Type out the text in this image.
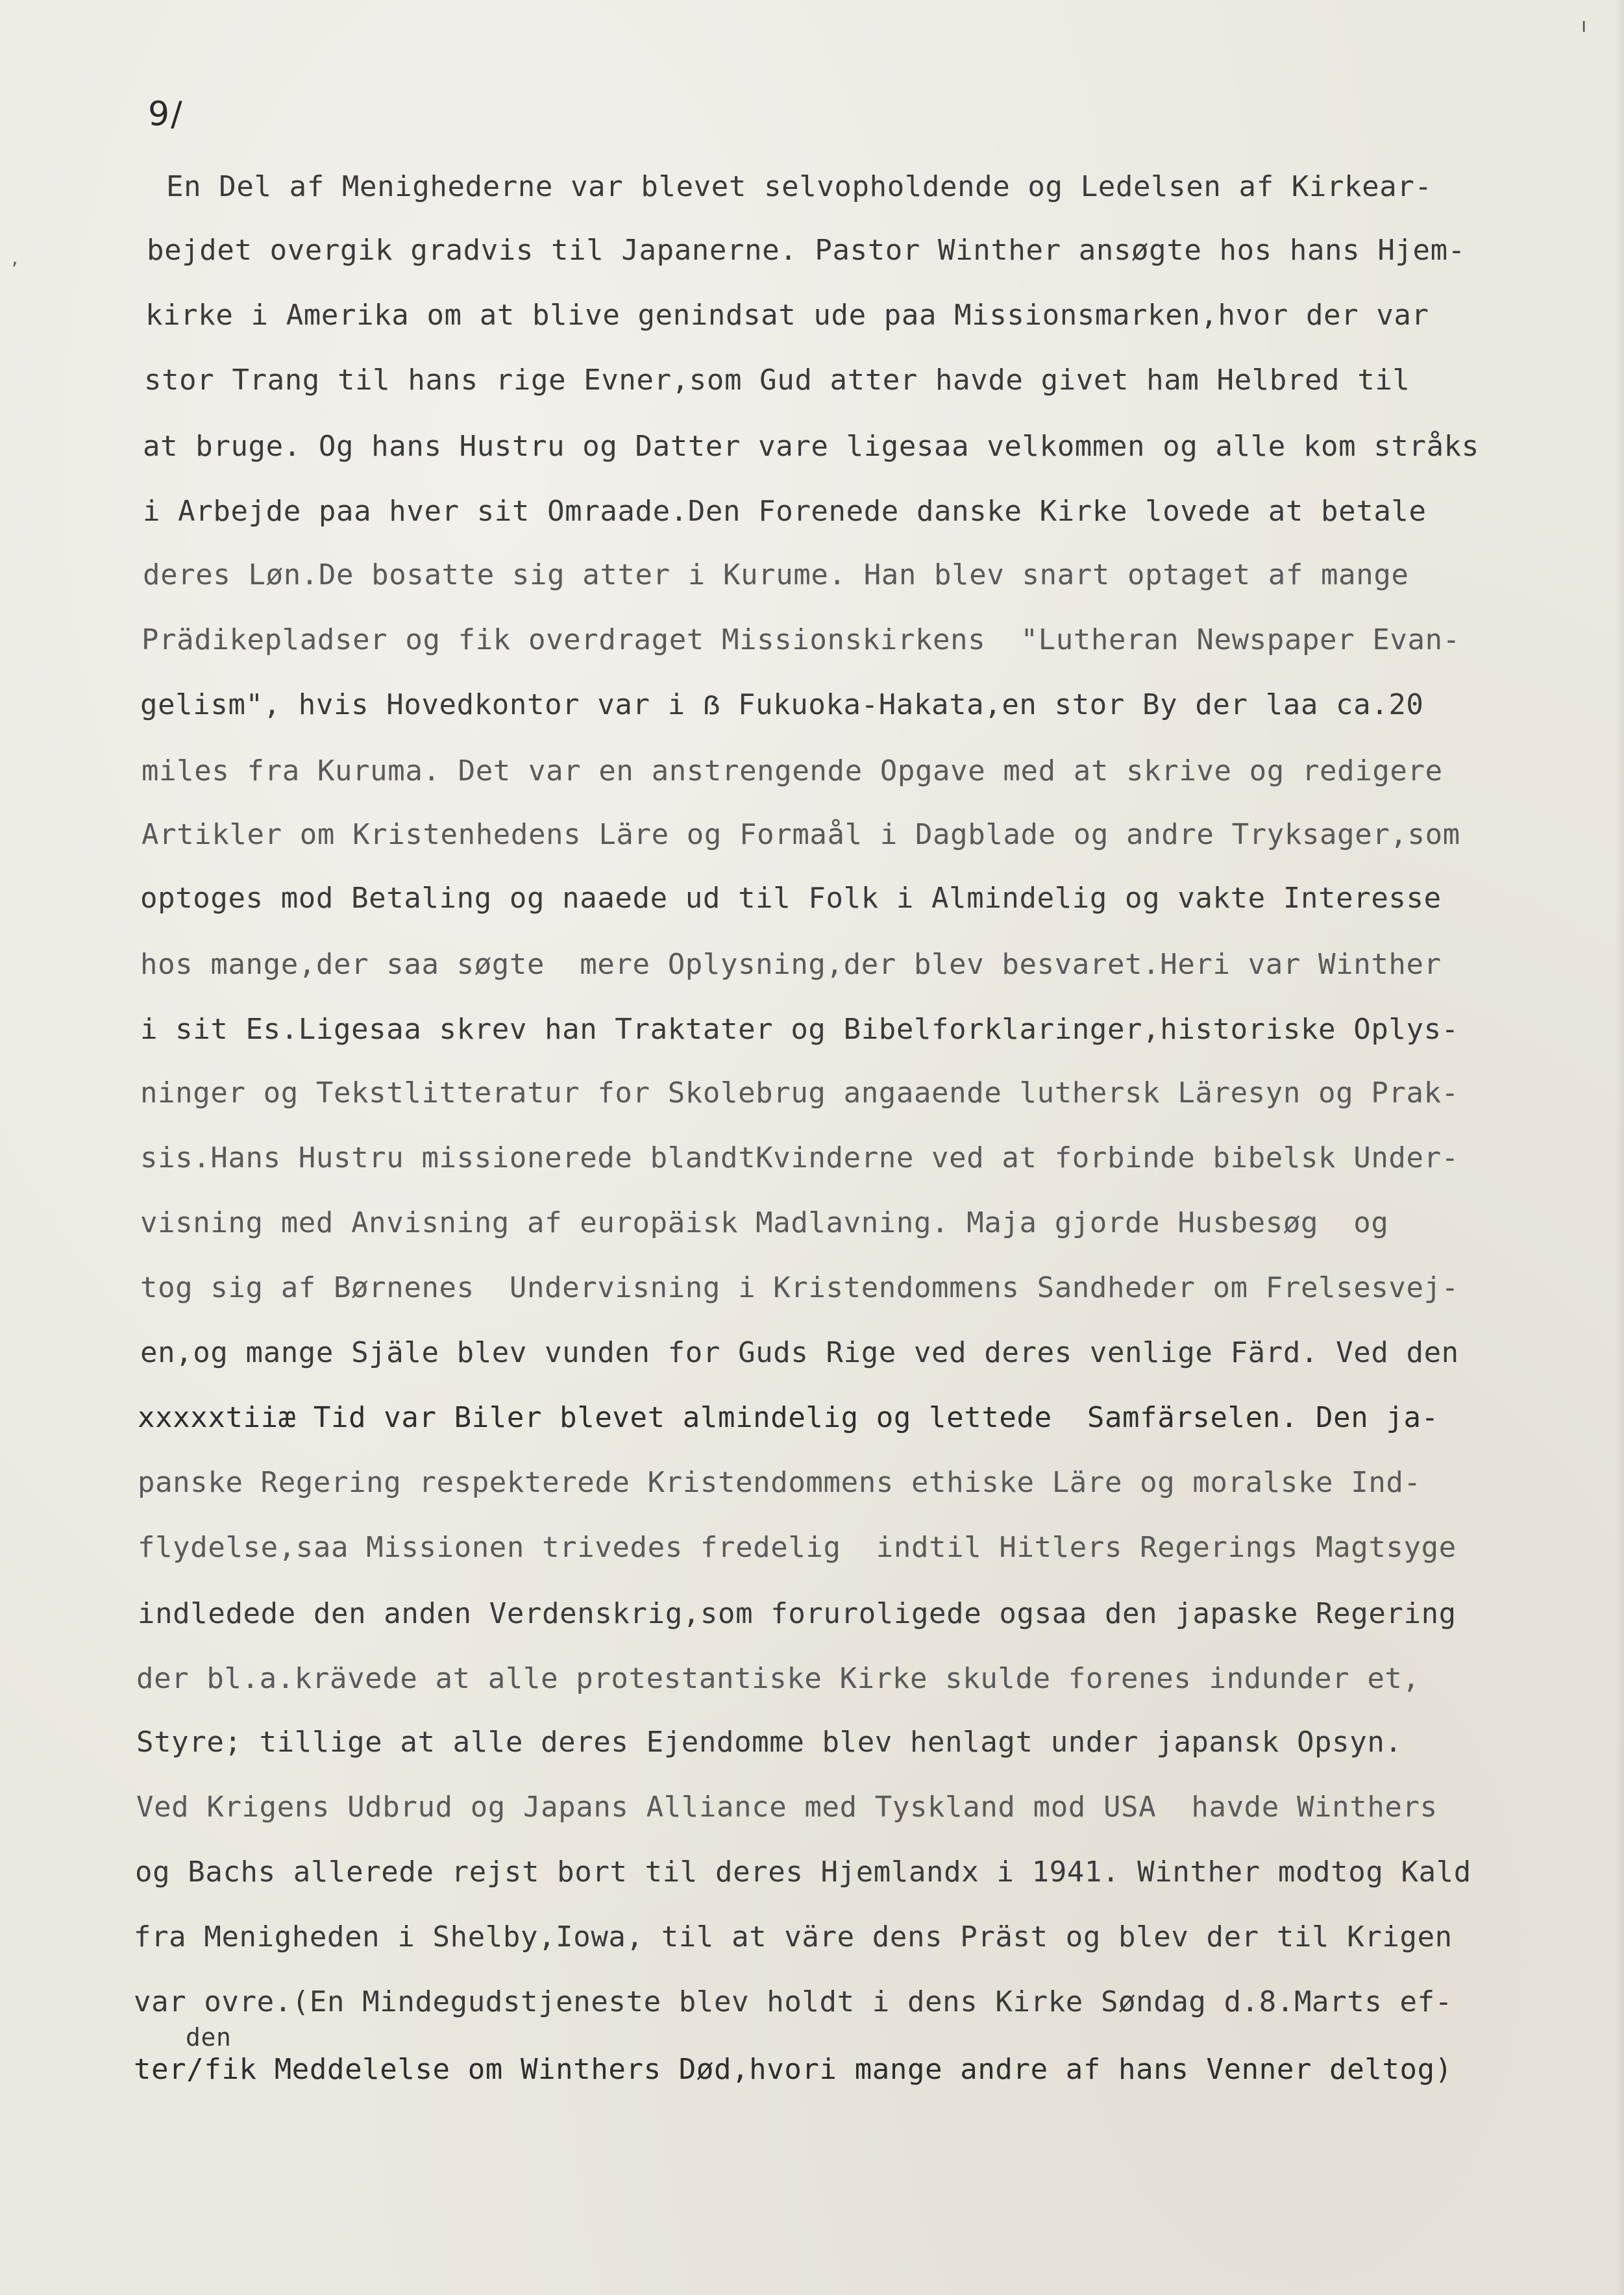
9/
En Del af Menighederne var blevet selvopholdende og Ledelsen af Kirkear-
bejdet overgik gradvis til Japanerne. Pastor Winther ansøgte hos hans Hjem-
kirke i Amerika om at blive genindsat ude paa Missionsmarken,hvor der var
stor Trang til hans rige Evner,som Gud atter havde givet ham Helbred til
at bruge. Og hans Hustru og Datter vare ligesaa velkommen og alle kom stråks
i Arbejde paa hver sit Omraade.Den Forenede danske Kirke lovede at betale
deres Løn.De bosatte sig atter i Kurume. Han blev snart optaget af mange
Prädikepladser og fik overdraget Missionskirkens  "Lutheran Newspaper Evan-
gelism", hvis Hovedkontor var i ẞ Fukuoka-Hakata,en stor By der laa ca.20
miles fra Kuruma. Det var en anstrengende Opgave med at skrive og redigere
Artikler om Kristenhedens Läre og Formaål i Dagblade og andre Tryksager,som
optoges mod Betaling og naaede ud til Folk i Almindelig og vakte Interesse
hos mange,der saa søgte  mere Oplysning,der blev besvaret.Heri var Winther
i sit Es.Ligesaa skrev han Traktater og Bibelforklaringer,historiske Oplys-
ninger og Tekstlitteratur for Skolebrug angaaende luthersk Läresyn og Prak-
sis.Hans Hustru missionerede blandtKvinderne ved at forbinde bibelsk Under-
visning med Anvisning af europäisk Madlavning. Maja gjorde Husbesøg  og
tog sig af Børnenes  Undervisning i Kristendommens Sandheder om Frelsesvej-
en,og mange Själe blev vunden for Guds Rige ved deres venlige Färd. Ved den
xxxxxtiiæ Tid var Biler blevet almindelig og lettede  Samfärselen. Den ja-
panske Regering respekterede Kristendommens ethiske Läre og moralske Ind-
flydelse,saa Missionen trivedes fredelig  indtil Hitlers Regerings Magtsyge
indledede den anden Verdenskrig,som foruroligede ogsaa den japaske Regering
der bl.a.krävede at alle protestantiske Kirke skulde forenes indunder et,
Styre; tillige at alle deres Ejendomme blev henlagt under japansk Opsyn.
Ved Krigens Udbrud og Japans Alliance med Tyskland mod USA  havde Winthers
og Bachs allerede rejst bort til deres Hjemlandx i 1941. Winther modtog Kald
fra Menigheden i Shelby,Iowa, til at väre dens Präst og blev der til Krigen
var ovre.(En Mindegudstjeneste blev holdt i dens Kirke Søndag d.8.Marts ef-
den
ter/fik Meddelelse om Winthers Død,hvori mange andre af hans Venner deltog)
,
ı
